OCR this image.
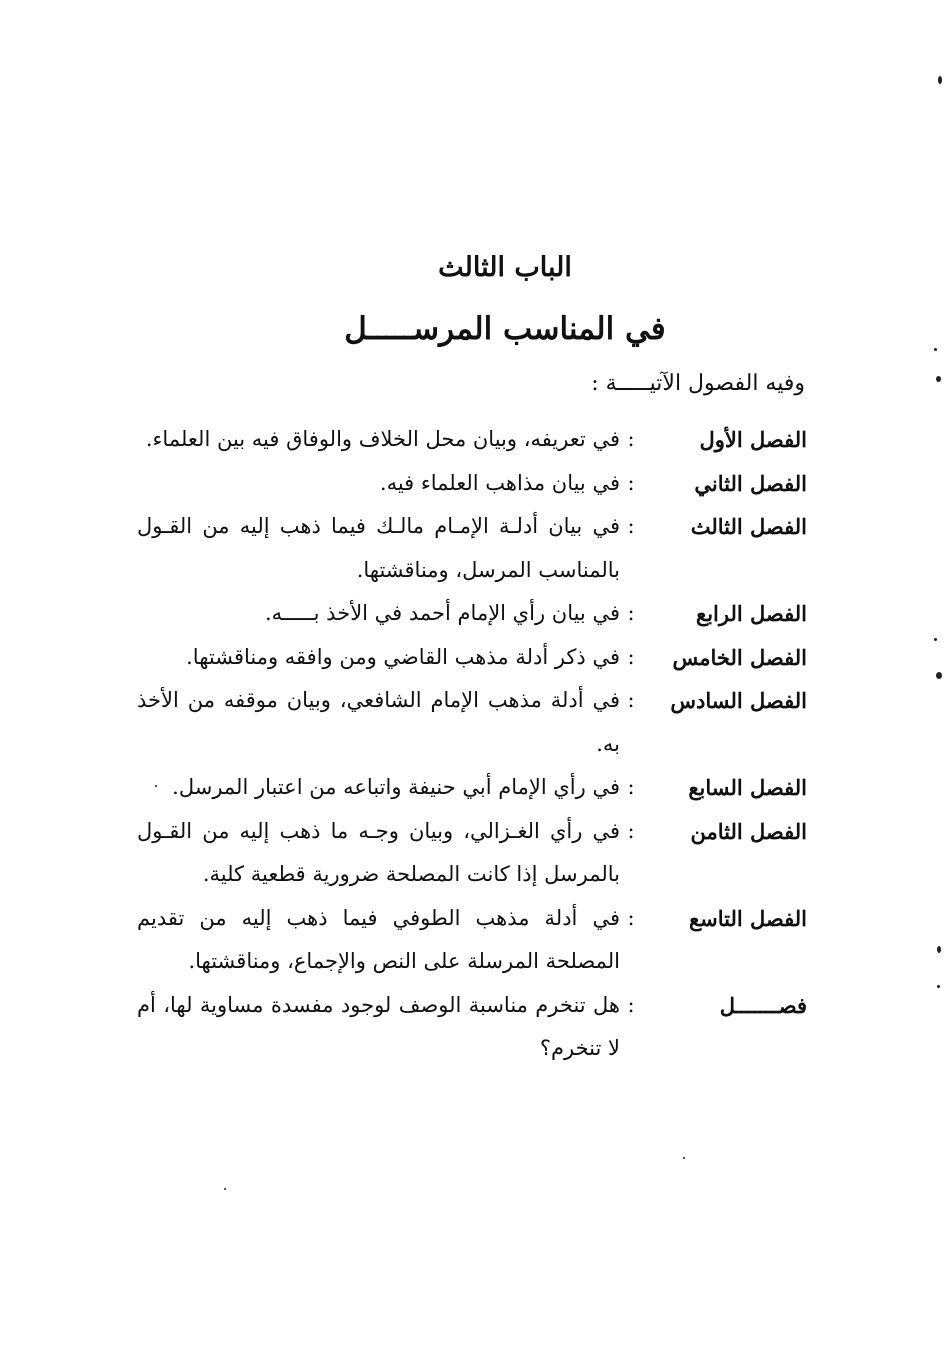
الباب الثالث
في المناسب المرســـــل
وفيه الفصول الآتيـــــة :
الفصل الأول
:
في تعريفه، وبيان محل الخلاف والوفاق فيه بين العلماء.
الفصل الثاني
:
في بيان مذاهب العلماء فيه.
الفصل الثالث
:
في بيان أدلـة الإمـام مالـك فيما ذهب إليه من القـول بالمناسب المرسل، ومناقشتها.
الفصل الرابع
:
في بيان رأي الإمام أحمد في الأخذ بـــــه.
الفصل الخامس
:
في ذكر أدلة مذهب القاضي ومن وافقه ومناقشتها.
الفصل السادس
:
في أدلة مذهب الإمام الشافعي، وبيان موقفه من الأخذ به.
الفصل السابع
:
في رأي الإمام أبي حنيفة واتباعه من اعتبار المرسل.
الفصل الثامن
:
في رأي الغـزالي، وبيان وجـه ما ذهب إليه من القـول بالمرسل إذا كانت المصلحة ضرورية قطعية كلية.
الفصل التاسع
:
في أدلة مذهب الطوفي فيما ذهب إليه من تقديم المصلحة المرسلة على النص والإجماع، ومناقشتها.
فصـــــــل
:
هل تنخرم مناسبة الوصف لوجود مفسدة مساوية لها، أم لا تنخرم؟
